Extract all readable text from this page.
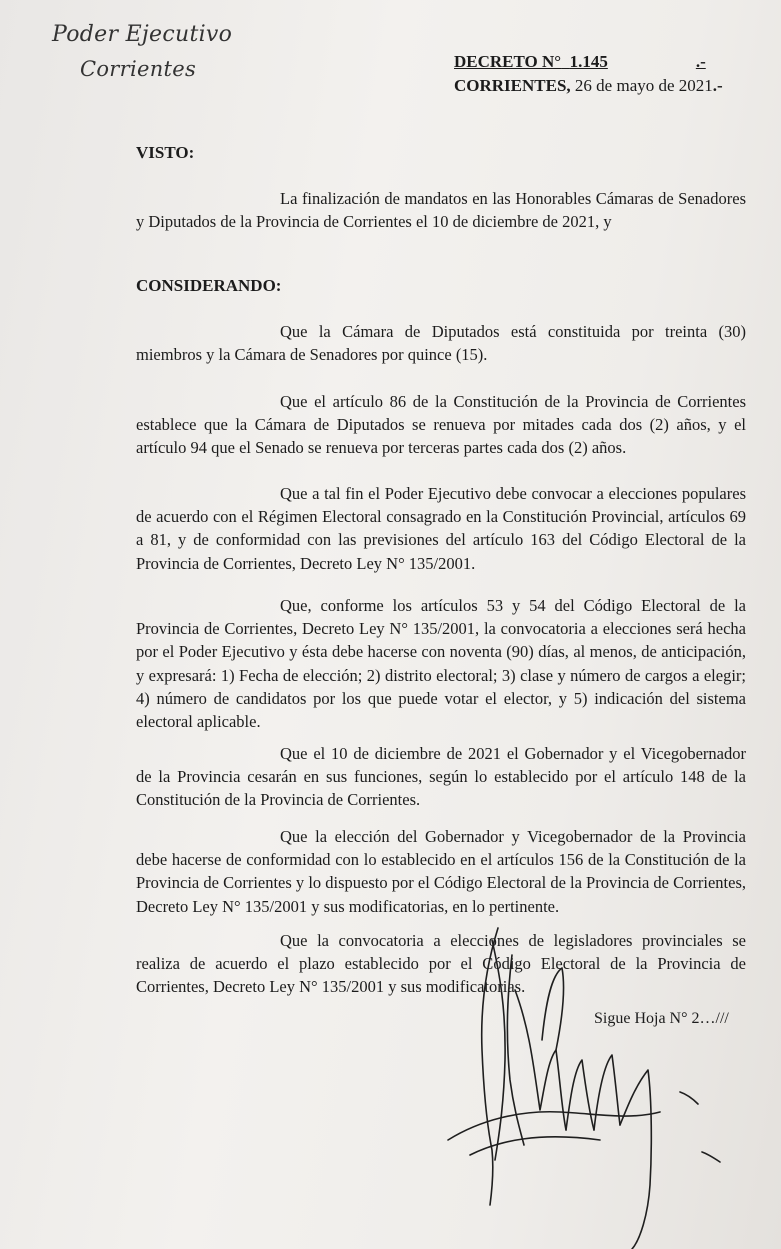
Poder Ejecutivo
Corrientes	DECRETO N° 1.145	.-
CORRIENTES, 26 de mayo de 2021.-
VISTO:

La finalización de mandatos en las Honorables Cámaras de Senadores y Diputados de la Provincia de Corrientes el 10 de diciembre de 2021, y

CONSIDERANDO:

Que la Cámara de Diputados está constituida por treinta (30) miembros y la Cámara de Senadores por quince (15).

Que el artículo 86 de la Constitución de la Provincia de Corrientes establece que la Cámara de Diputados se renueva por mitades cada dos (2) años, y el artículo 94 que el Senado se renueva por terceras partes cada dos (2) años.

Que a tal fin el Poder Ejecutivo debe convocar a elecciones populares de acuerdo con el Régimen Electoral consagrado en la Constitución Provincial, artículos 69 a 81, y de conformidad con las previsiones del artículo 163 del Código Electoral de la Provincia de Corrientes, Decreto Ley N° 135/2001.

Que, conforme los artículos 53 y 54 del Código Electoral de la Provincia de Corrientes, Decreto Ley N° 135/2001, la convocatoria a elecciones será hecha por el Poder Ejecutivo y ésta debe hacerse con noventa (90) días, al menos, de anticipación, y expresará: 1) Fecha de elección; 2) distrito electoral; 3) clase y número de cargos a elegir; 4) número de candidatos por los que puede votar el elector, y 5) indicación del sistema electoral aplicable.

Que el 10 de diciembre de 2021 el Gobernador y el Vicegobernador de la Provincia cesarán en sus funciones, según lo establecido por el artículo 148 de la Constitución de la Provincia de Corrientes.

Que la elección del Gobernador y Vicegobernador de la Provincia debe hacerse de conformidad con lo establecido en el artículos 156 de la Constitución de la Provincia de Corrientes y lo dispuesto por el Código Electoral de la Provincia de Corrientes, Decreto Ley N° 135/2001 y sus modificatorias, en lo pertinente.

Que la convocatoria a elecciones de legisladores provinciales se realiza de acuerdo el plazo establecido por el Código Electoral de la Provincia de Corrientes, Decreto Ley N° 135/2001 y sus modificatorias.

Sigue Hoja N° 2…///
